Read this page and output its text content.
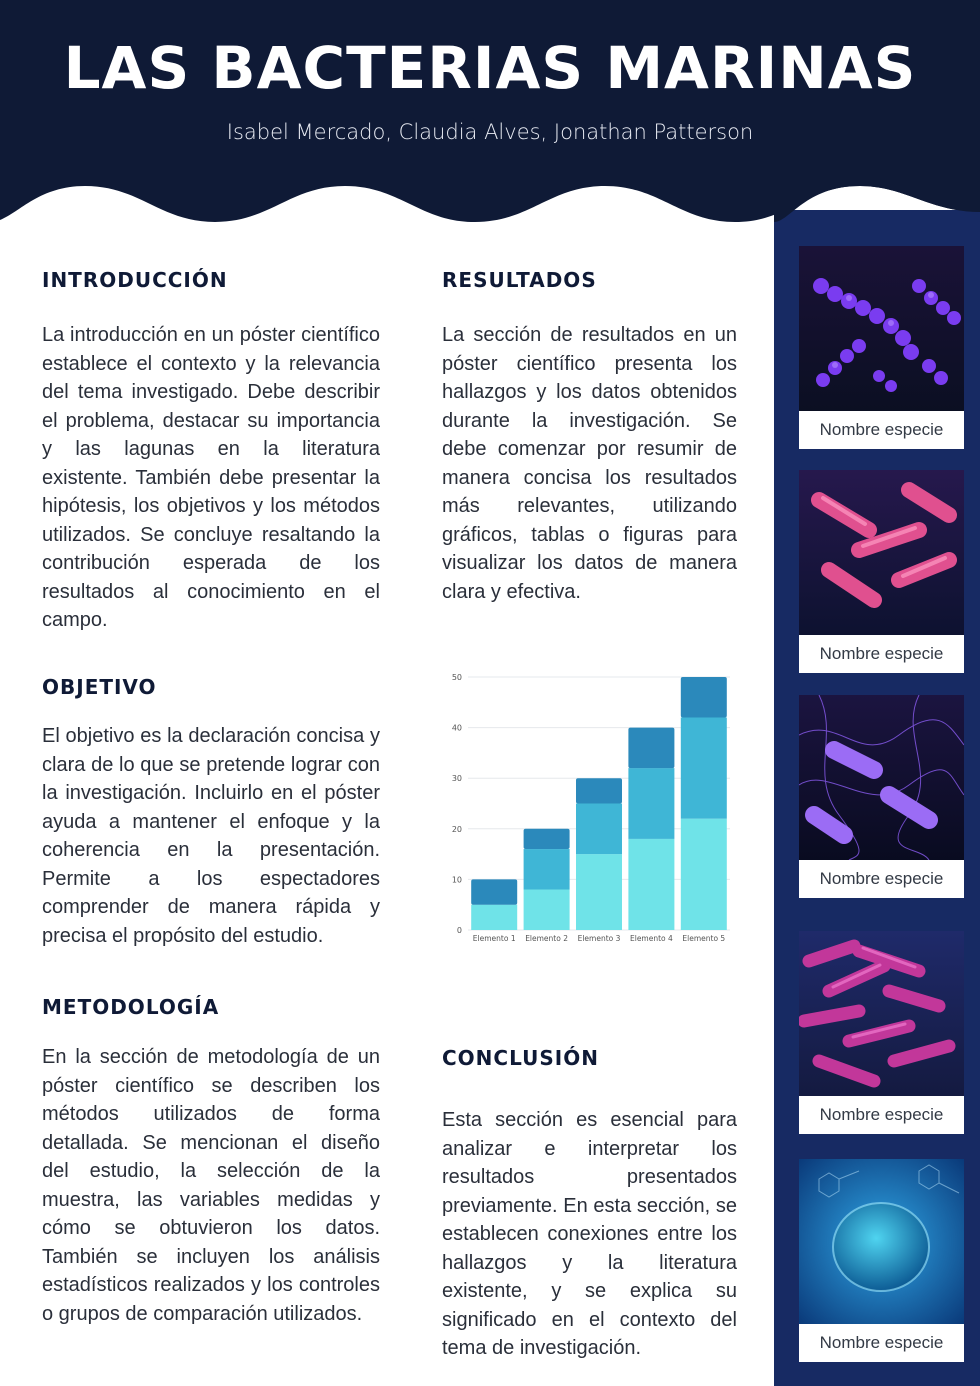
LAS BACTERIAS MARINAS
Isabel Mercado, Claudia Alves, Jonathan Patterson
INTRODUCCIÓN

La introducción en un póster científico establece el contexto y la relevancia del tema investigado. Debe describir el problema, destacar su importancia y las lagunas en la literatura existente. También debe presentar la hipótesis, los objetivos y los métodos utilizados. Se concluye resaltando la contribución esperada de los resultados al conocimiento en el campo.

OBJETIVO

El objetivo es la declaración concisa y clara de lo que se pretende lograr con la investigación. Incluirlo en el póster ayuda a mantener el enfoque y la coherencia en la presentación. Permite a los espectadores comprender de manera rápida y precisa el propósito del estudio.

METODOLOGÍA

En la sección de metodología de un póster científico se describen los métodos utilizados de forma detallada. Se mencionan el diseño del estudio, la selección de la muestra, las variables medidas y cómo se obtuvieron los datos. También se incluyen los análisis estadísticos realizados y los controles o grupos de comparación utilizados.

RESULTADOS

La sección de resultados en un póster científico presenta los hallazgos y los datos obtenidos durante la investigación. Se debe comenzar por resumir de manera concisa los resultados más relevantes, utilizando gráficos, tablas o figuras para visualizar los datos de manera clara y efectiva.

0
10
20
30
40
50
Elemento 1 Elemento 2 Elemento 3 Elemento 4 Elemento 5
CONCLUSIÓN

Esta sección es esencial para analizar e interpretar los resultados presentados previamente. En esta sección, se establecen conexiones entre los hallazgos y la literatura existente, y se explica su significado en el contexto del tema de investigación.

Nombre especie
Nombre especie
Nombre especie
Nombre especie
Nombre especie
